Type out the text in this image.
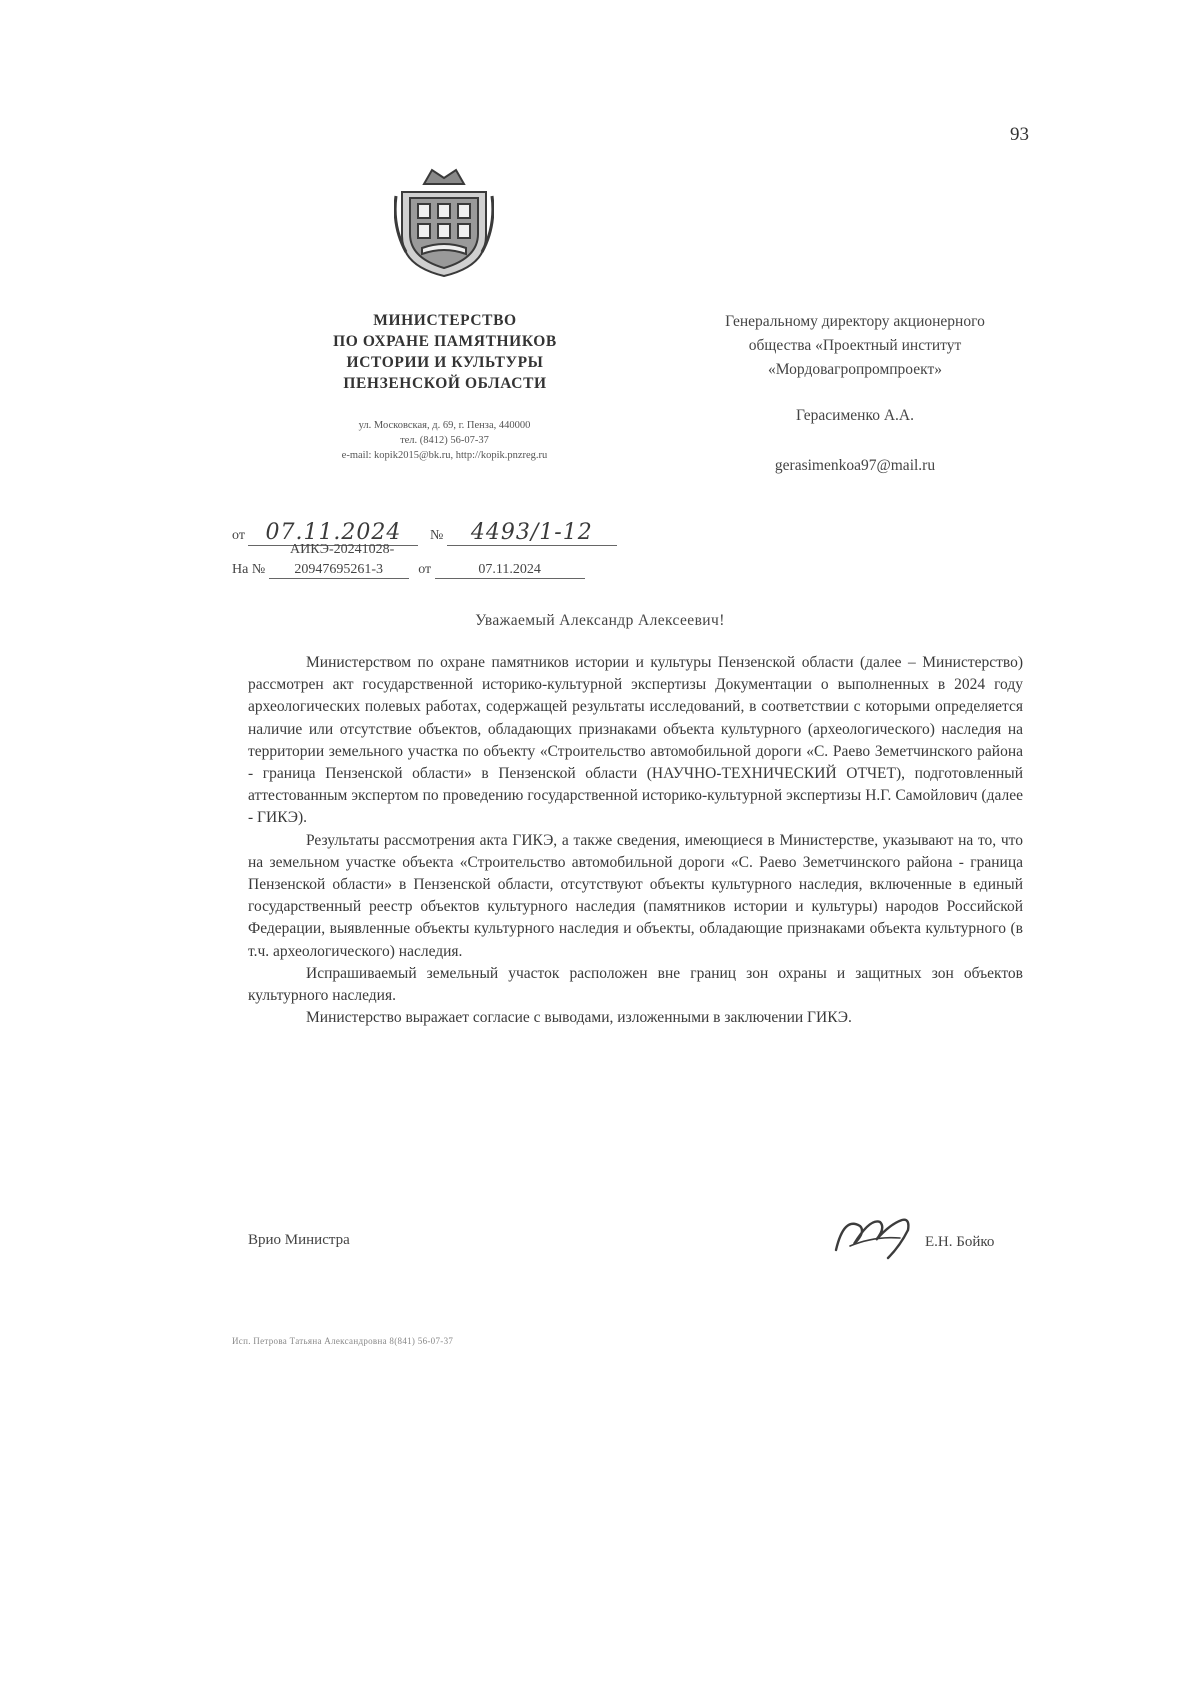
93
МИНИСТЕРСТВО
ПО ОХРАНЕ ПАМЯТНИКОВ
ИСТОРИИ И КУЛЬТУРЫ
ПЕНЗЕНСКОЙ ОБЛАСТИ
ул. Московская, д. 69, г. Пенза, 440000
тел. (8412) 56-07-37
e-mail: kopik2015@bk.ru, http://kopik.pnzreg.ru
Генеральному директору акционерного
общества «Проектный институт
«Мордовагропромпроект»
Герасименко А.А.
gerasimenkoa97@mail.ru
от 07.11.2024 № 4493/1-12
АИКЭ-20241028-
На № 20947695261-3	от	07.11.2024
Уважаемый Александр Алексеевич!

Министерством по охране памятников истории и культуры Пензенской области (далее – Министерство) рассмотрен акт государственной историко-культурной экспертизы Документации о выполненных в 2024 году археологических полевых работах, содержащей результаты исследований, в соответствии с которыми определяется наличие или отсутствие объектов, обладающих признаками объекта культурного (археологического) наследия на территории земельного участка по объекту «Строительство автомобильной дороги «С. Раево Земетчинского района - граница Пензенской области» в Пензенской области (НАУЧНО-ТЕХНИЧЕСКИЙ ОТЧЕТ), подготовленный аттестованным экспертом по проведению государственной историко-культурной экспертизы Н.Г. Самойлович (далее - ГИКЭ).

Результаты рассмотрения акта ГИКЭ, а также сведения, имеющиеся в Министерстве, указывают на то, что на земельном участке объекта «Строительство автомобильной дороги «С. Раево Земетчинского района - граница Пензенской области» в Пензенской области, отсутствуют объекты культурного наследия, включенные в единый государственный реестр объектов культурного наследия (памятников истории и культуры) народов Российской Федерации, выявленные объекты культурного наследия и объекты, обладающие признаками объекта культурного (в т.ч. археологического) наследия.

Испрашиваемый земельный участок расположен вне границ зон охраны и защитных зон объектов культурного наследия.

Министерство выражает согласие с выводами, изложенными в заключении ГИКЭ.

Врио Министра	Е.Н. Бойко
Исп. Петрова Татьяна Александровна 8(841) 56-07-37
